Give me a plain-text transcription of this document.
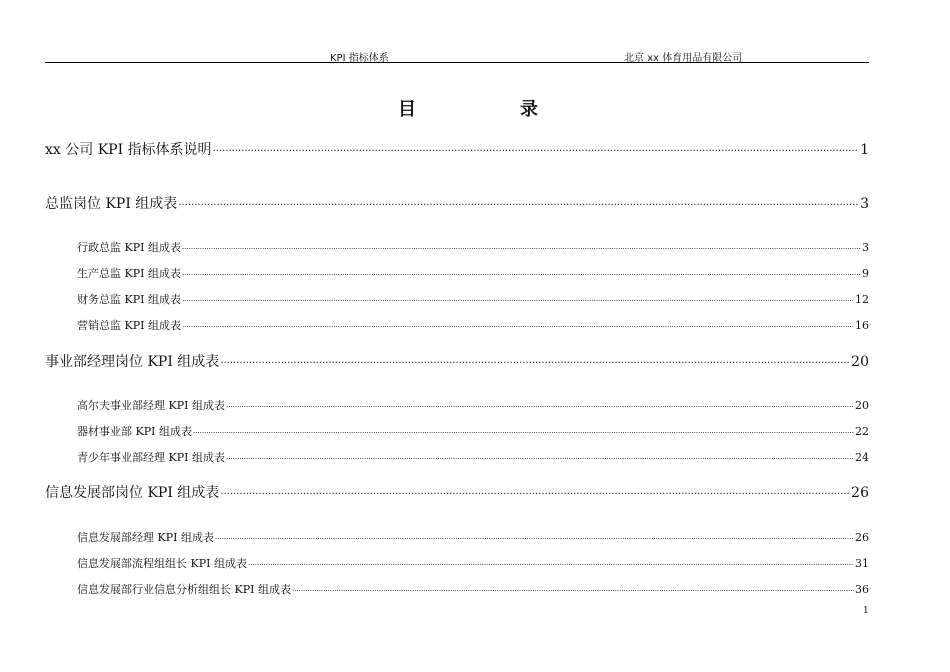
KPI 指标体系	北京 xx 体育用品有限公司
目	录
xx 公司 KPI 指标体系说明 .....	1
总监岗位 KPI 组成表 .....	3
行政总监 KPI 组成表 .....	3
生产总监 KPI 组成表 .....	9
财务总监 KPI 组成表 .....	12
营销总监 KPI 组成表 .....	16
事业部经理岗位 KPI 组成表 .....	20
高尔夫事业部经理 KPI 组成表 .....	20
器材事业部 KPI 组成表 .....	22
青少年事业部经理 KPI 组成表 .....	24
信息发展部岗位 KPI 组成表 .....	26
信息发展部经理 KPI 组成表 .....	26
信息发展部流程组组长 KPI 组成表 .....	31
信息发展部行业信息分析组组长 KPI 组成表 .....	36
1
